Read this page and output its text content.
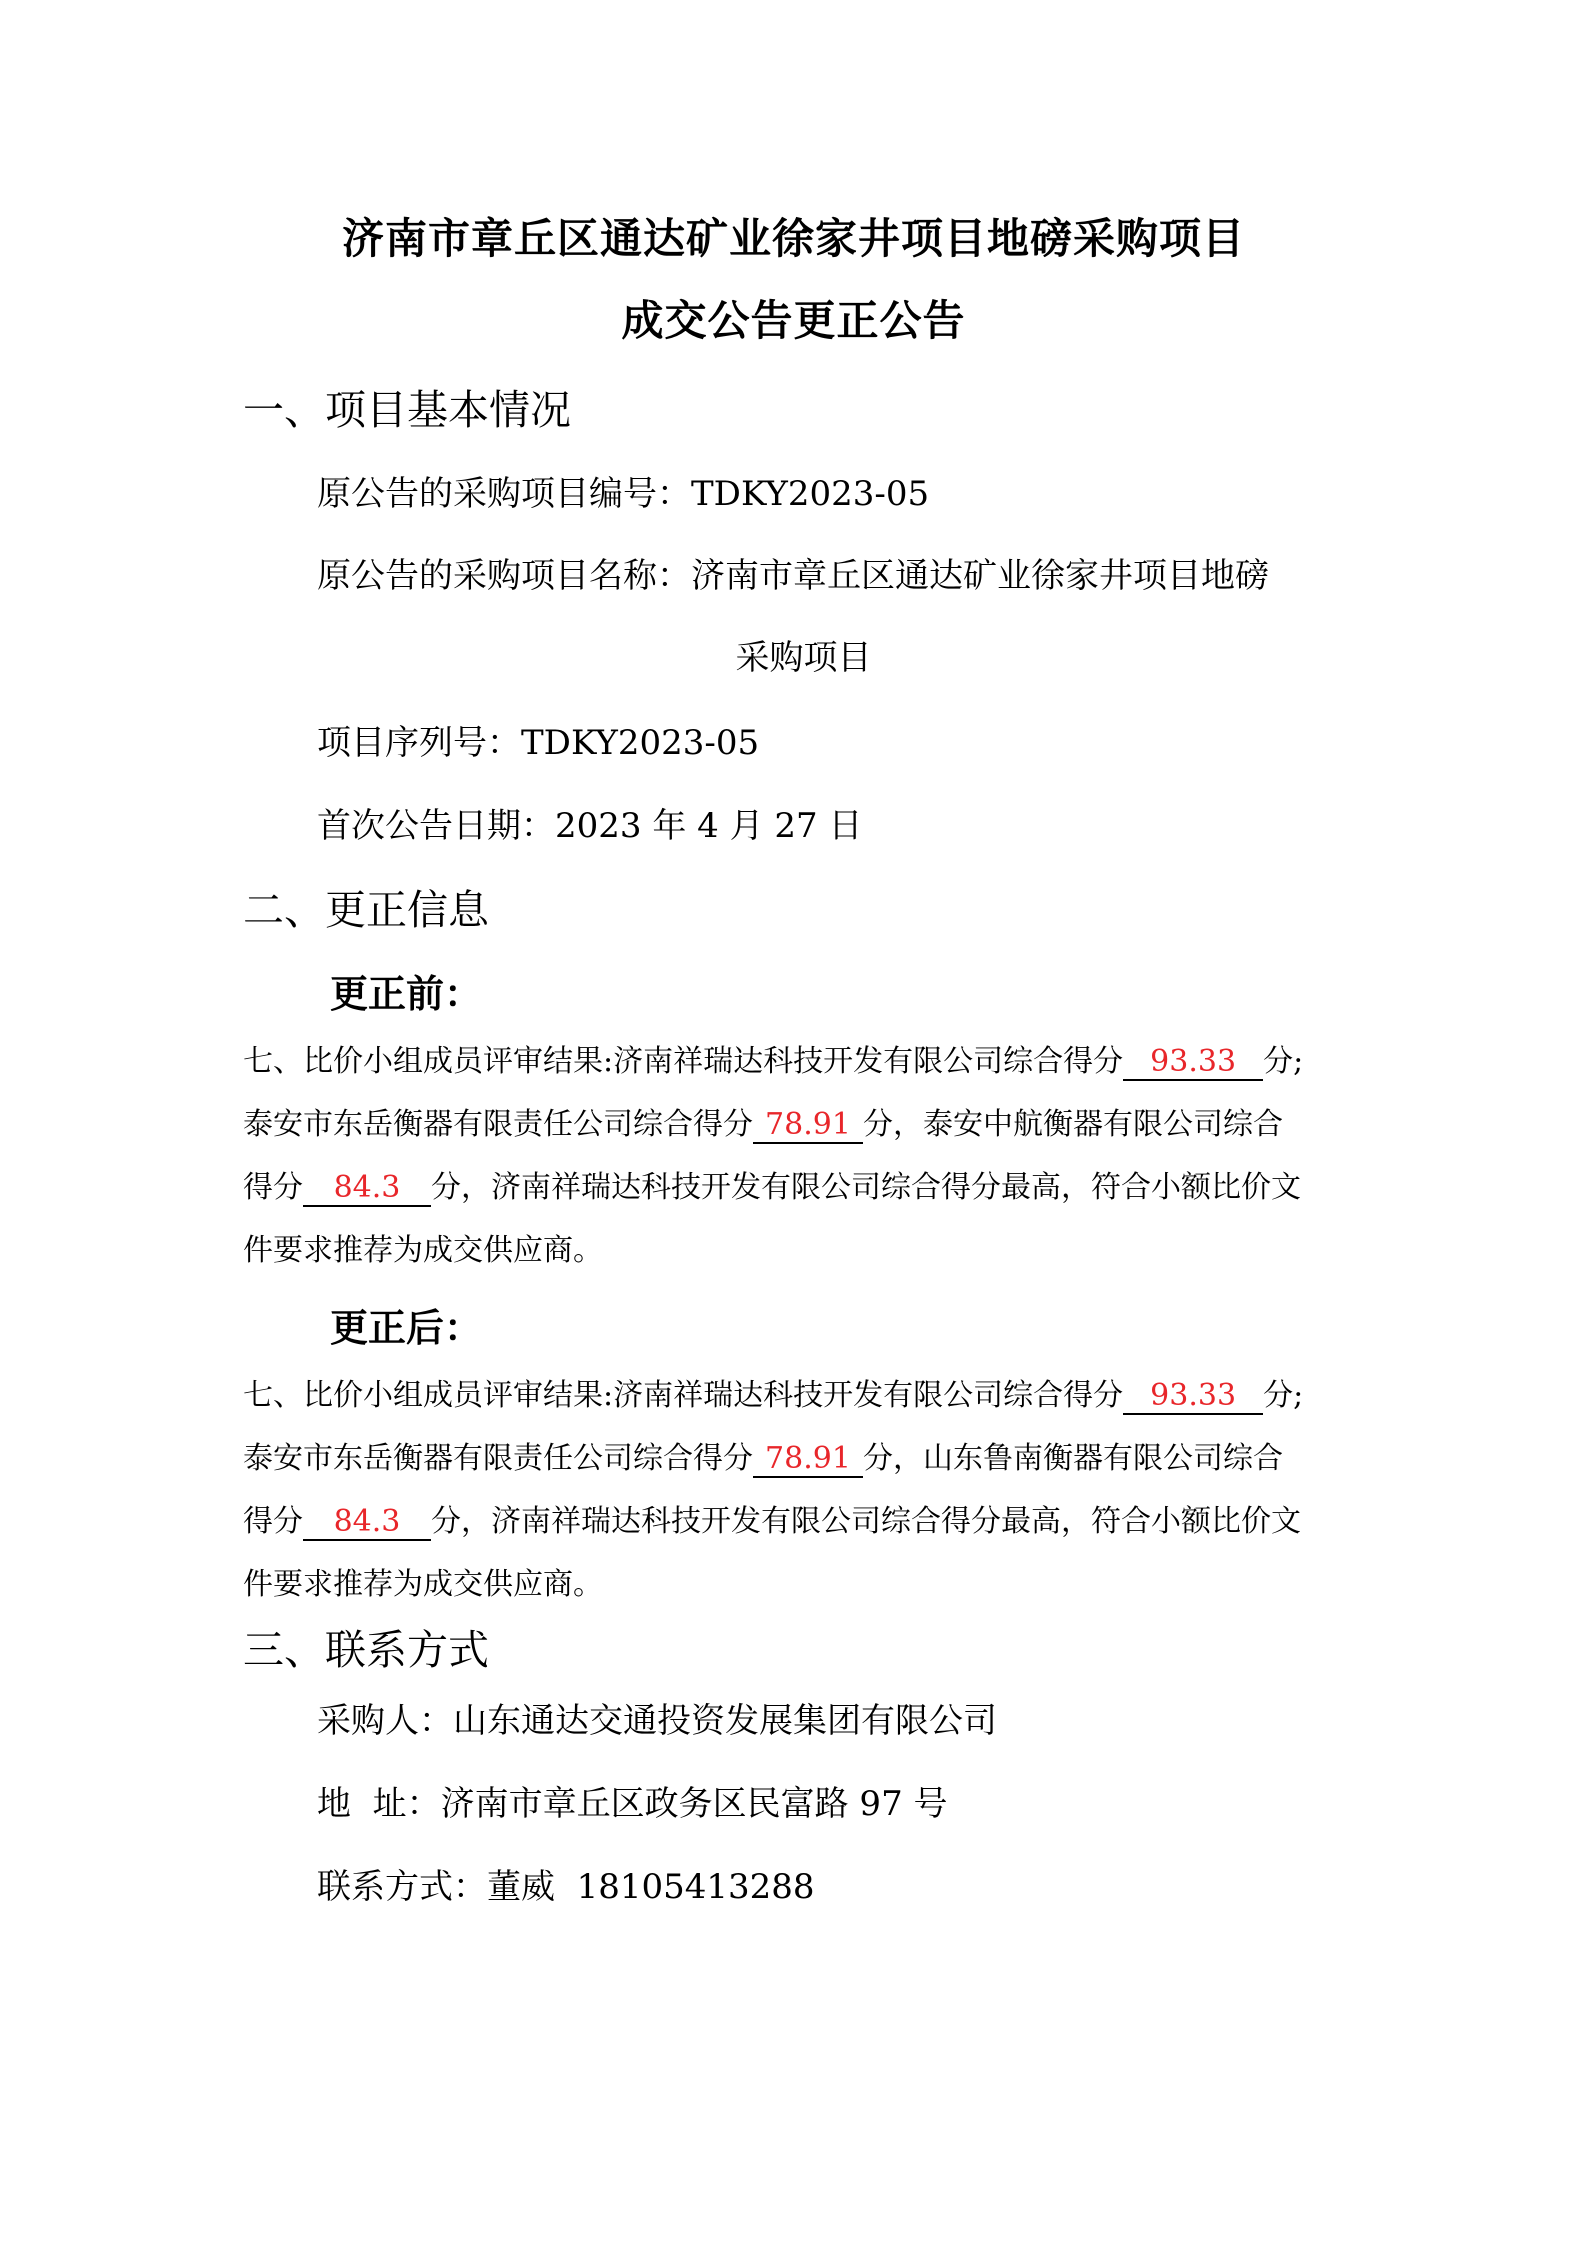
济南市章丘区通达矿业徐家井项目地磅采购项目
成交公告更正公告
一、项目基本情况
原公告的采购项目编号：TDKY2023-05
原公告的采购项目名称：济南市章丘区通达矿业徐家井项目地磅
采购项目
项目序列号：TDKY2023-05
首次公告日期：2023 年 4 月 27 日
二、更正信息
更正前：
七、比价小组成员评审结果:济南祥瑞达科技开发有限公司综合得分 93.33 分;
泰安市东岳衡器有限责任公司综合得分 78.91 分，泰安中航衡器有限公司综合
得分 84.3 分，济南祥瑞达科技开发有限公司综合得分最高，符合小额比价文
件要求推荐为成交供应商。
更正后：
七、比价小组成员评审结果:济南祥瑞达科技开发有限公司综合得分 93.33 分;
泰安市东岳衡器有限责任公司综合得分 78.91 分，山东鲁南衡器有限公司综合
得分 84.3 分，济南祥瑞达科技开发有限公司综合得分最高，符合小额比价文
件要求推荐为成交供应商。
三、联系方式
采购人：山东通达交通投资发展集团有限公司
地  址：济南市章丘区政务区民富路 97 号
联系方式：董威  18105413288
